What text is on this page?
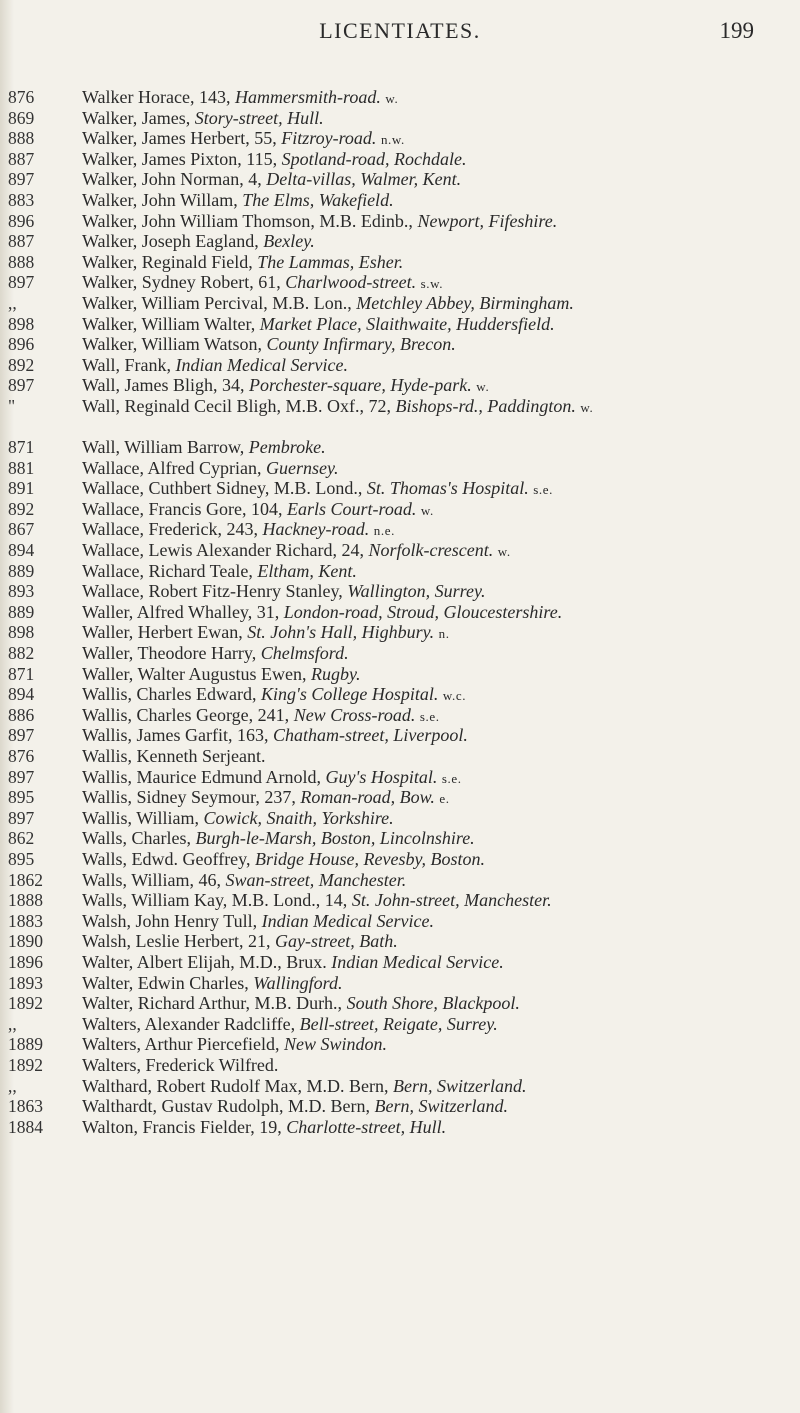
LICENTIATES.	199
876	Walker Horace, 143, Hammersmith-road. w.
869	Walker, James, Story-street, Hull.
888	Walker, James Herbert, 55, Fitzroy-road. n.w.
887	Walker, James Pixton, 115, Spotland-road, Rochdale.
897	Walker, John Norman, 4, Delta-villas, Walmer, Kent.
883	Walker, John Willam, The Elms, Wakefield.
896	Walker, John William Thomson, M.B. Edinb., Newport, Fifeshire.
887	Walker, Joseph Eagland, Bexley.
888	Walker, Reginald Field, The Lammas, Esher.
897	Walker, Sydney Robert, 61, Charlwood-street. s.w.
,,	Walker, William Percival, M.B. Lon., Metchley Abbey, Birmingham.
898	Walker, William Walter, Market Place, Slaithwaite, Huddersfield.
896	Walker, William Watson, County Infirmary, Brecon.
892	Wall, Frank, Indian Medical Service.
897	Wall, James Bligh, 34, Porchester-square, Hyde-park. w.
"	Wall, Reginald Cecil Bligh, M.B. Oxf., 72, Bishops-rd., Paddington. w.
871	Wall, William Barrow, Pembroke.
881	Wallace, Alfred Cyprian, Guernsey.
891	Wallace, Cuthbert Sidney, M.B. Lond., St. Thomas's Hospital. s.e.
892	Wallace, Francis Gore, 104, Earls Court-road. w.
867	Wallace, Frederick, 243, Hackney-road. n.e.
894	Wallace, Lewis Alexander Richard, 24, Norfolk-crescent. w.
889	Wallace, Richard Teale, Eltham, Kent.
893	Wallace, Robert Fitz-Henry Stanley, Wallington, Surrey.
889	Waller, Alfred Whalley, 31, London-road, Stroud, Gloucestershire.
898	Waller, Herbert Ewan, St. John's Hall, Highbury. n.
882	Waller, Theodore Harry, Chelmsford.
871	Waller, Walter Augustus Ewen, Rugby.
894	Wallis, Charles Edward, King's College Hospital. w.c.
886	Wallis, Charles George, 241, New Cross-road. s.e.
897	Wallis, James Garfit, 163, Chatham-street, Liverpool.
876	Wallis, Kenneth Serjeant.
897	Wallis, Maurice Edmund Arnold, Guy's Hospital. s.e.
895	Wallis, Sidney Seymour, 237, Roman-road, Bow. e.
897	Wallis, William, Cowick, Snaith, Yorkshire.
862	Walls, Charles, Burgh-le-Marsh, Boston, Lincolnshire.
895	Walls, Edwd. Geoffrey, Bridge House, Revesby, Boston.
1862 Walls, William, 46, Swan-street, Manchester.
1888 Walls, William Kay, M.B. Lond., 14, St. John-street, Manchester.
1883 Walsh, John Henry Tull, Indian Medical Service.
1890 Walsh, Leslie Herbert, 21, Gay-street, Bath.
1896 Walter, Albert Elijah, M.D., Brux. Indian Medical Service.
1893 Walter, Edwin Charles, Wallingford.
1892 Walter, Richard Arthur, M.B. Durh., South Shore, Blackpool.
,,	Walters, Alexander Radcliffe, Bell-street, Reigate, Surrey.
1889 Walters, Arthur Piercefield, New Swindon.
1892 Walters, Frederick Wilfred.
,,	Walthard, Robert Rudolf Max, M.D. Bern, Bern, Switzerland.
1863 Walthardt, Gustav Rudolph, M.D. Bern, Bern, Switzerland.
1884 Walton, Francis Fielder, 19, Charlotte-street, Hull.
